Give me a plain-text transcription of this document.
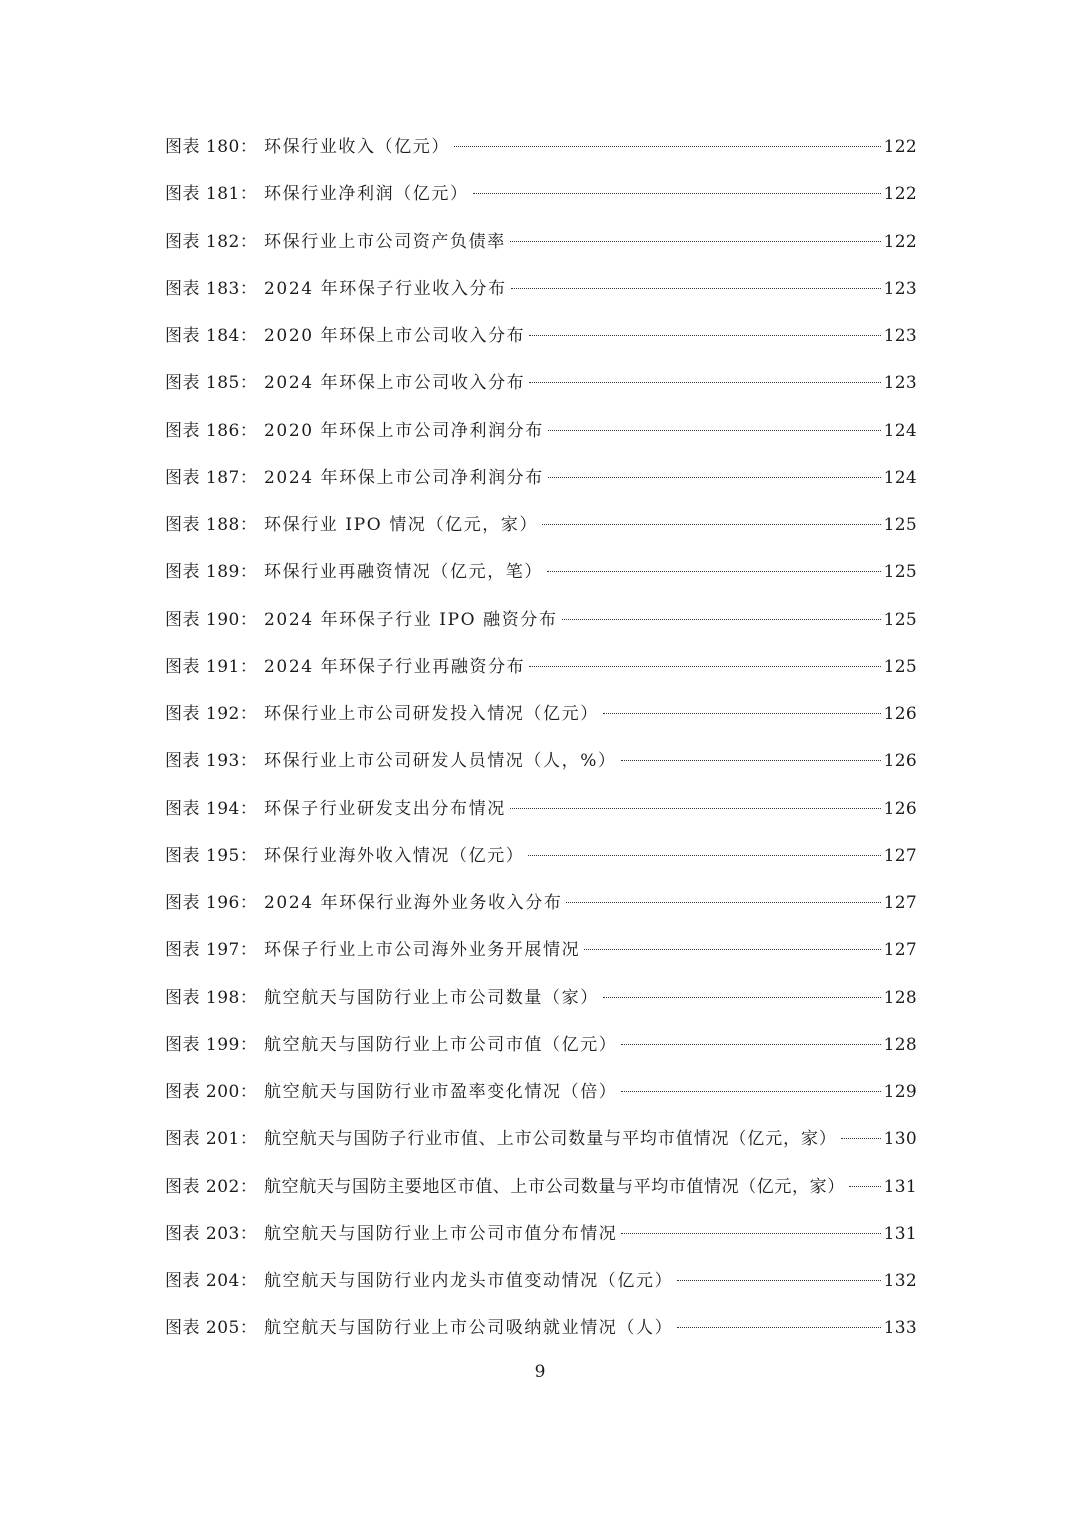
图表 180： 环保行业收入（亿元）	122
图表 181： 环保行业净利润（亿元）	122
图表 182： 环保行业上市公司资产负债率	122
图表 183： 2024 年环保子行业收入分布	123
图表 184： 2020 年环保上市公司收入分布	123
图表 185： 2024 年环保上市公司收入分布	123
图表 186： 2020 年环保上市公司净利润分布	124
图表 187： 2024 年环保上市公司净利润分布	124
图表 188： 环保行业 IPO 情况（亿元，家）	125
图表 189： 环保行业再融资情况（亿元，笔）	125
图表 190： 2024 年环保子行业 IPO 融资分布	125
图表 191： 2024 年环保子行业再融资分布	125
图表 192： 环保行业上市公司研发投入情况（亿元）	126
图表 193： 环保行业上市公司研发人员情况（人，%）	126
图表 194： 环保子行业研发支出分布情况	126
图表 195： 环保行业海外收入情况（亿元）	127
图表 196： 2024 年环保行业海外业务收入分布	127
图表 197： 环保子行业上市公司海外业务开展情况	127
图表 198： 航空航天与国防行业上市公司数量（家）	128
图表 199： 航空航天与国防行业上市公司市值（亿元）	128
图表 200： 航空航天与国防行业市盈率变化情况（倍）	129
图表 201： 航空航天与国防子行业市值、上市公司数量与平均市值情况（亿元，家）	130
图表 202： 航空航天与国防主要地区市值、上市公司数量与平均市值情况（亿元，家） 131
图表 203： 航空航天与国防行业上市公司市值分布情况	131
图表 204： 航空航天与国防行业内龙头市值变动情况（亿元）	132
图表 205： 航空航天与国防行业上市公司吸纳就业情况（人）	133
9
